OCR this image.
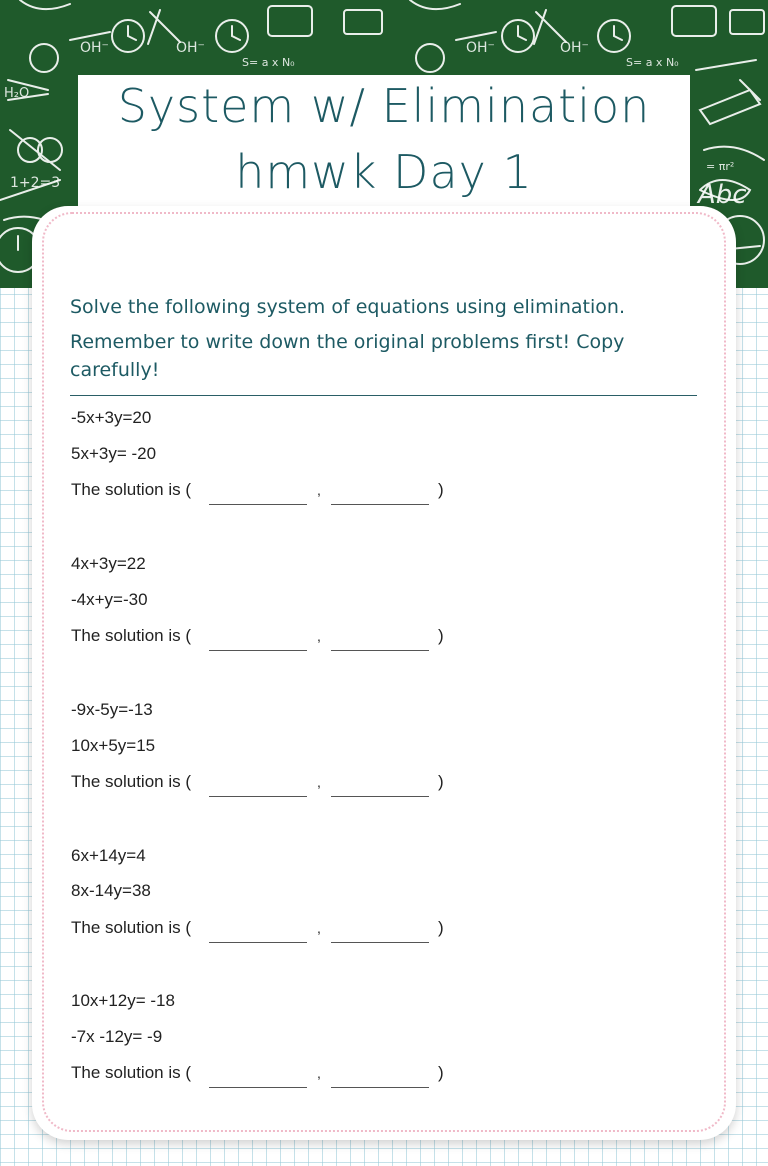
OH⁻	OH⁻
S= a x N₀
OH⁻	OH⁻
S= a x N₀
H₂O
Abc
1+2=3
= πr²
System w/ Elimination
hmwk Day 1

Solve the following system of equations using elimination.

Remember to write down the original problems first! Copy carefully!

-5x+3y=20
5x+3y= -20
The solution is (	,	)
4x+3y=22
-4x+y=-30
The solution is (	,	)
-9x-5y=-13
10x+5y=15
The solution is (	,	)
6x+14y=4
8x-14y=38
The solution is (	,	)
10x+12y= -18
-7x -12y= -9
The solution is (	,	)
